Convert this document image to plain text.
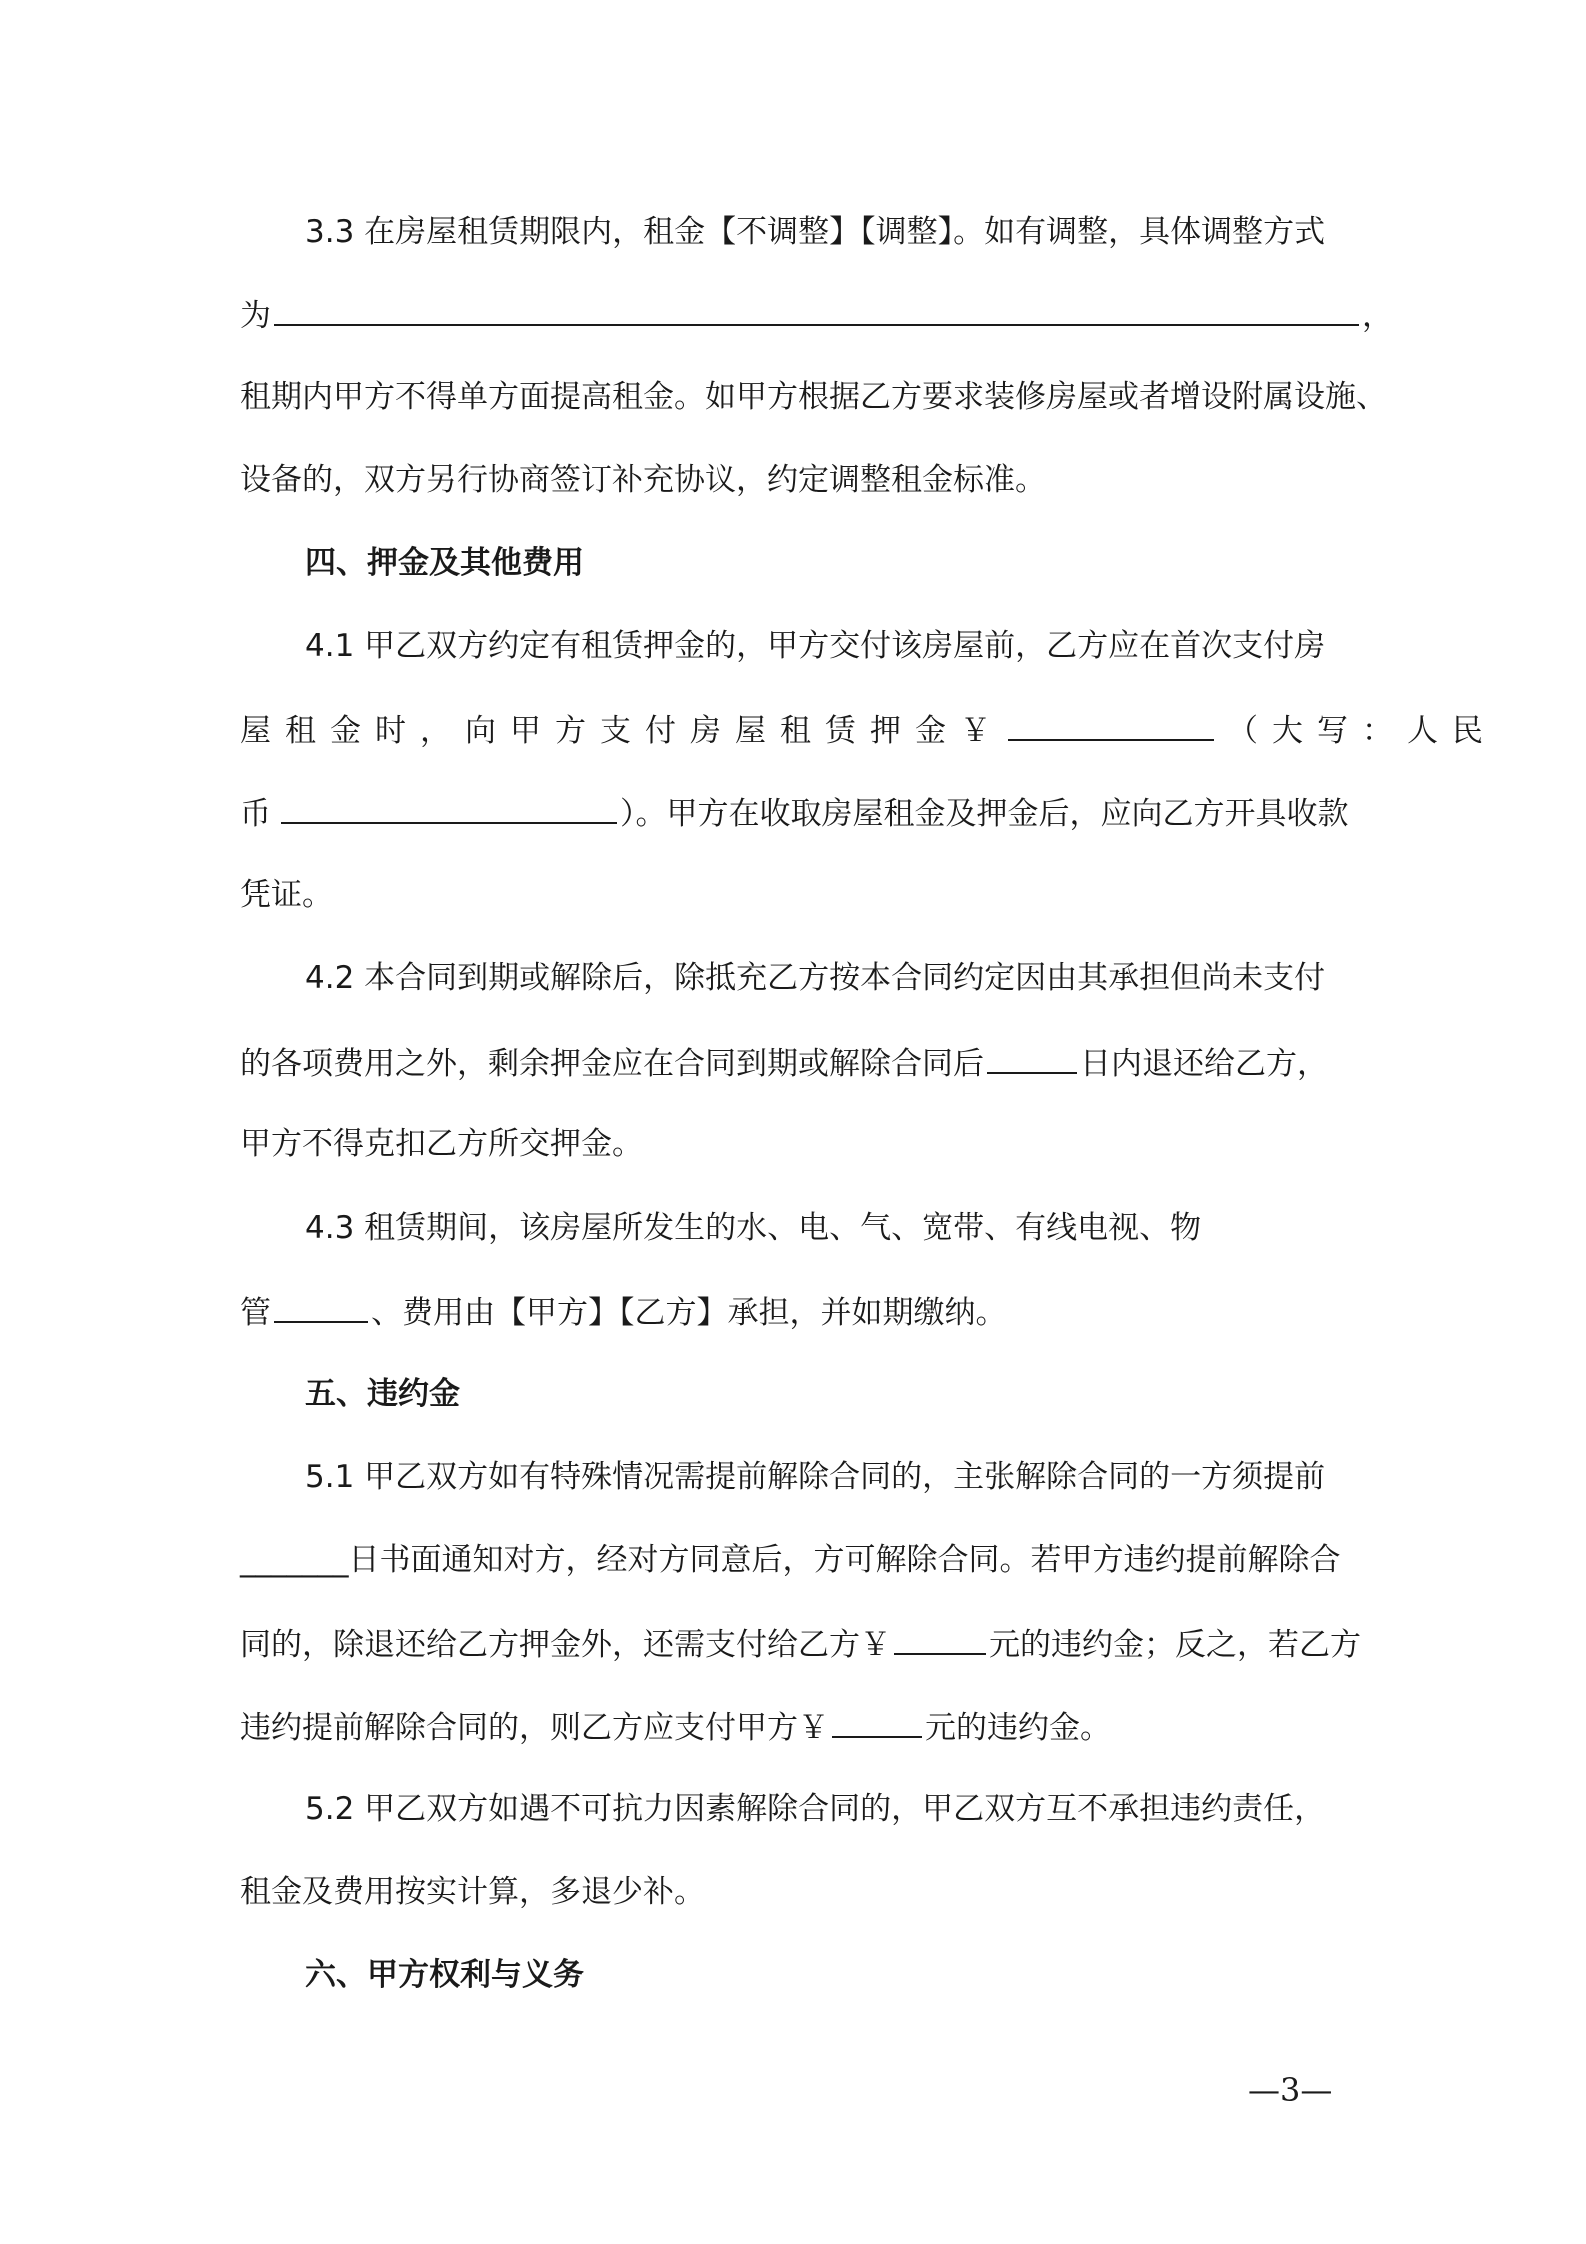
3.3 在房屋租赁期限内，租金【不调整】【调整】。如有调整，具体调整方式
为	，
租期内甲方不得单方面提高租金。如甲方根据乙方要求装修房屋或者增设附属设施、
设备的，双方另行协商签订补充协议，约定调整租金标准。
四、押金及其他费用
4.1 甲乙双方约定有租赁押金的，甲方交付该房屋前，乙方应在首次支付房
屋租金时，向甲方支付房屋租赁押金￥	（大写：人民
币	）。甲方在收取房屋租金及押金后，应向乙方开具收款
凭证。
4.2 本合同到期或解除后，除抵充乙方按本合同约定因由其承担但尚未支付
的各项费用之外，剩余押金应在合同到期或解除合同后	日内退还给乙方，
甲方不得克扣乙方所交押金。
4.3 租赁期间，该房屋所发生的水、电、气、宽带、有线电视、物
管	、费用由【甲方】【乙方】承担，并如期缴纳。
五、违约金
5.1 甲乙双方如有特殊情况需提前解除合同的，主张解除合同的一方须提前
_______日书面通知对方，经对方同意后，方可解除合同。若甲方违约提前解除合
同的，除退还给乙方押金外，还需支付给乙方￥	元的违约金；反之，若乙方
违约提前解除合同的，则乙方应支付甲方￥	元的违约金。
5.2 甲乙双方如遇不可抗力因素解除合同的，甲乙双方互不承担违约责任，
租金及费用按实计算，多退少补。
六、甲方权利与义务
—3—
